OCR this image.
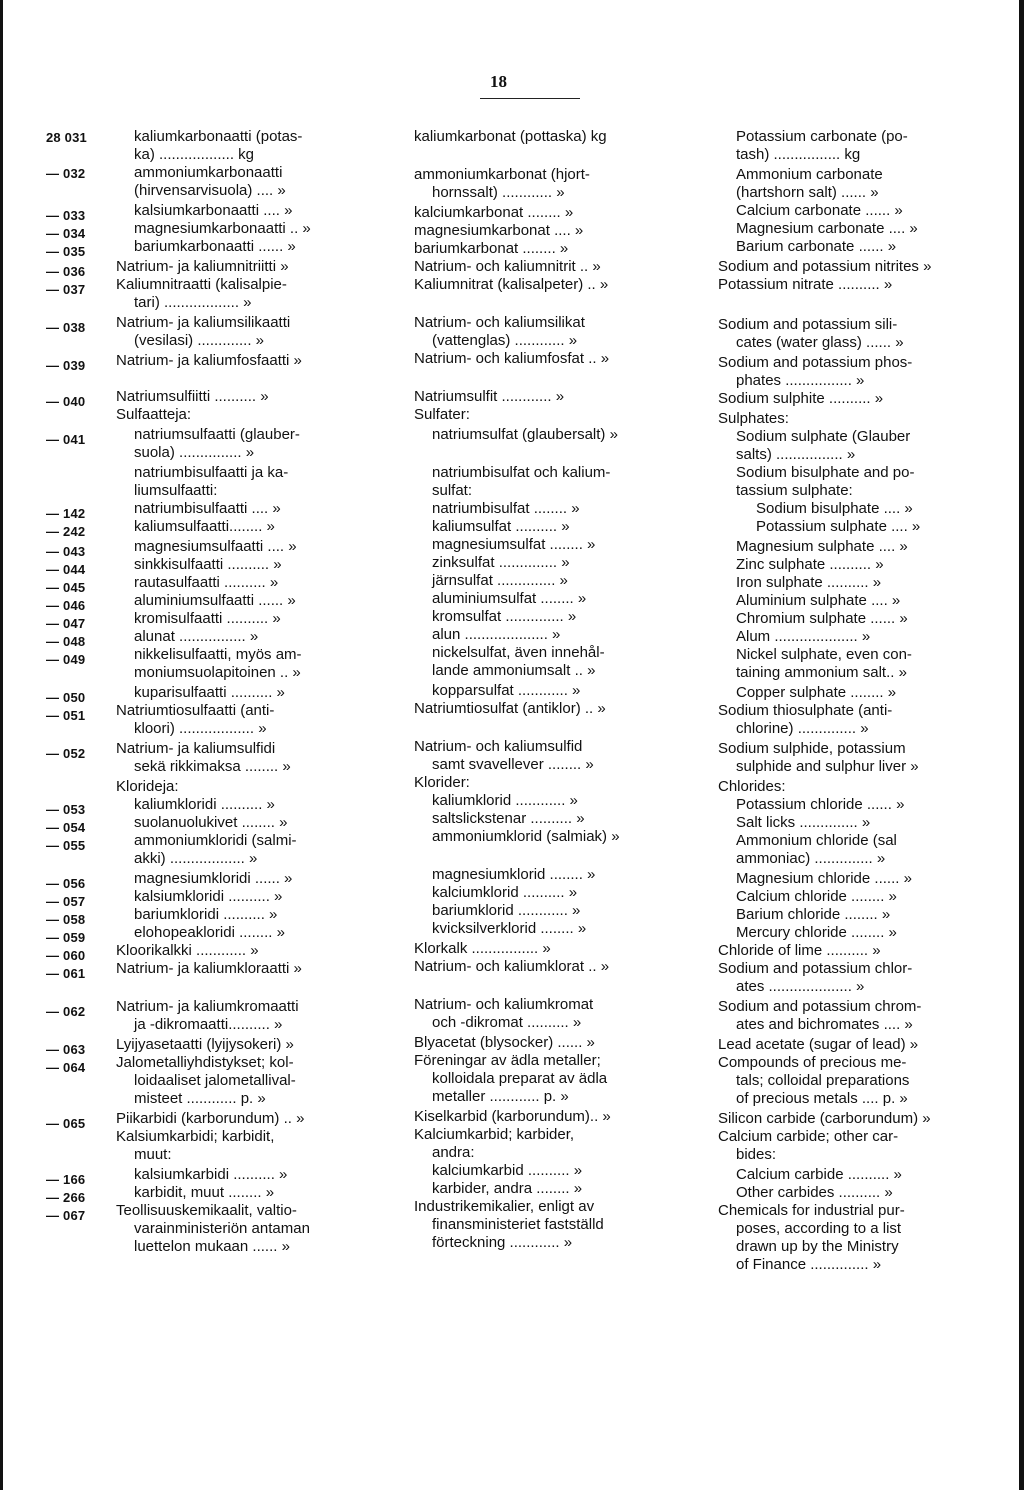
18
28 031
— 032
— 033
— 034
— 035
— 036
— 037
— 038
— 039
— 040
— 041
— 142
— 242
— 043
— 044
— 045
— 046
— 047
— 048
— 049
— 050
— 051
— 052
— 053
— 054
— 055
— 056
— 057
— 058
— 059
— 060
— 061
— 062
— 063
— 064
— 065
— 166
— 266
— 067
kaliumkarbonaatti (potas-
ka) .................. kg
ammoniumkarbonaatti
(hirvensarvisuola) .... »
kalsiumkarbonaatti .... »
magnesiumkarbonaatti .. »
bariumkarbonaatti ...... »
Natrium- ja kaliumnitriitti »
Kaliumnitraatti (kalisalpie-
tari) .................. »
Natrium- ja kaliumsilikaatti
(vesilasi) ............. »
Natrium- ja kaliumfosfaatti »
Natriumsulfiitti .......... »
Sulfaatteja:
natriumsulfaatti (glauber-
suola) ............... »
natriumbisulfaatti ja ka-
liumsulfaatti:
natriumbisulfaatti .... »
kaliumsulfaatti........ »
magnesiumsulfaatti .... »
sinkkisulfaatti .......... »
rautasulfaatti .......... »
aluminiumsulfaatti ...... »
kromisulfaatti .......... »
alunat ................ »
nikkelisulfaatti, myös am-
moniumsuolapitoinen .. »
kuparisulfaatti .......... »
Natriumtiosulfaatti (anti-
kloori) .................. »
Natrium- ja kaliumsulfidi
sekä rikkimaksa ........ »
Klorideja:
kaliumkloridi .......... »
suolanuolukivet ........ »
ammoniumkloridi (salmi-
akki) .................. »
magnesiumkloridi ...... »
kalsiumkloridi .......... »
bariumkloridi .......... »
elohopeakloridi ........ »
Kloorikalkki ............ »
Natrium- ja kaliumkloraatti »
Natrium- ja kaliumkromaatti
ja -dikromaatti.......... »
Lyijyasetaatti (lyijysokeri) »
Jalometalliyhdistykset; kol-
loidaaliset jalometallival-
misteet ............ p. »
Piikarbidi (karborundum) .. »
Kalsiumkarbidi; karbidit,
muut:
kalsiumkarbidi .......... »
karbidit, muut ........ »
Teollisuuskemikaalit, valtio-
varainministeriön antaman
luettelon mukaan ...... »
kaliumkarbonat (pottaska) kg
ammoniumkarbonat (hjort-
hornssalt) ............ »
kalciumkarbonat ........ »
magnesiumkarbonat .... »
bariumkarbonat ........ »
Natrium- och kaliumnitrit .. »
Kaliumnitrat (kalisalpeter) .. »
Natrium- och kaliumsilikat
(vattenglas) ............ »
Natrium- och kaliumfosfat .. »
Natriumsulfit ............ »
Sulfater:
natriumsulfat (glaubersalt) »
natriumbisulfat och kalium-
sulfat:
natriumbisulfat ........ »
kaliumsulfat .......... »
magnesiumsulfat ........ »
zinksulfat .............. »
järnsulfat .............. »
aluminiumsulfat ........ »
kromsulfat .............. »
alun .................... »
nickelsulfat, även innehål-
lande ammoniumsalt .. »
kopparsulfat ............ »
Natriumtiosulfat (antiklor) .. »
Natrium- och kaliumsulfid
samt svavellever ........ »
Klorider:
kaliumklorid ............ »
saltslickstenar .......... »
ammoniumklorid (salmiak) »
magnesiumklorid ........ »
kalciumklorid .......... »
bariumklorid ............ »
kvicksilverklorid ........ »
Klorkalk ................ »
Natrium- och kaliumklorat .. »
Natrium- och kaliumkromat
och -dikromat .......... »
Blyacetat (blysocker) ...... »
Föreningar av ädla metaller;
kolloidala preparat av ädla
metaller ............ p. »
Kiselkarbid (karborundum).. »
Kalciumkarbid; karbider,
andra:
kalciumkarbid .......... »
karbider, andra ........ »
Industrikemikalier, enligt av
finansministeriet fastställd
förteckning ............ »
Potassium carbonate (po-
tash) ................ kg
Ammonium carbonate
(hartshorn salt) ...... »
Calcium carbonate ...... »
Magnesium carbonate .... »
Barium carbonate ...... »
Sodium and potassium nitrites »
Potassium nitrate .......... »
Sodium and potassium sili-
cates (water glass) ...... »
Sodium and potassium phos-
phates ................ »
Sodium sulphite .......... »
Sulphates:
Sodium sulphate (Glauber
salts) ................ »
Sodium bisulphate and po-
tassium sulphate:
Sodium bisulphate .... »
Potassium sulphate .... »
Magnesium sulphate .... »
Zinc sulphate .......... »
Iron sulphate .......... »
Aluminium sulphate .... »
Chromium sulphate ...... »
Alum .................... »
Nickel sulphate, even con-
taining ammonium salt.. »
Copper sulphate ........ »
Sodium thiosulphate (anti-
chlorine) .............. »
Sodium sulphide, potassium
sulphide and sulphur liver »
Chlorides:
Potassium chloride ...... »
Salt licks .............. »
Ammonium chloride (sal
ammoniac) .............. »
Magnesium chloride ...... »
Calcium chloride ........ »
Barium chloride ........ »
Mercury chloride ........ »
Chloride of lime .......... »
Sodium and potassium chlor-
ates .................... »
Sodium and potassium chrom-
ates and bichromates .... »
Lead acetate (sugar of lead) »
Compounds of precious me-
tals; colloidal preparations
of precious metals .... p. »
Silicon carbide (carborundum) »
Calcium carbide; other car-
bides:
Calcium carbide .......... »
Other carbides .......... »
Chemicals for industrial pur-
poses, according to a list
drawn up by the Ministry
of Finance .............. »
